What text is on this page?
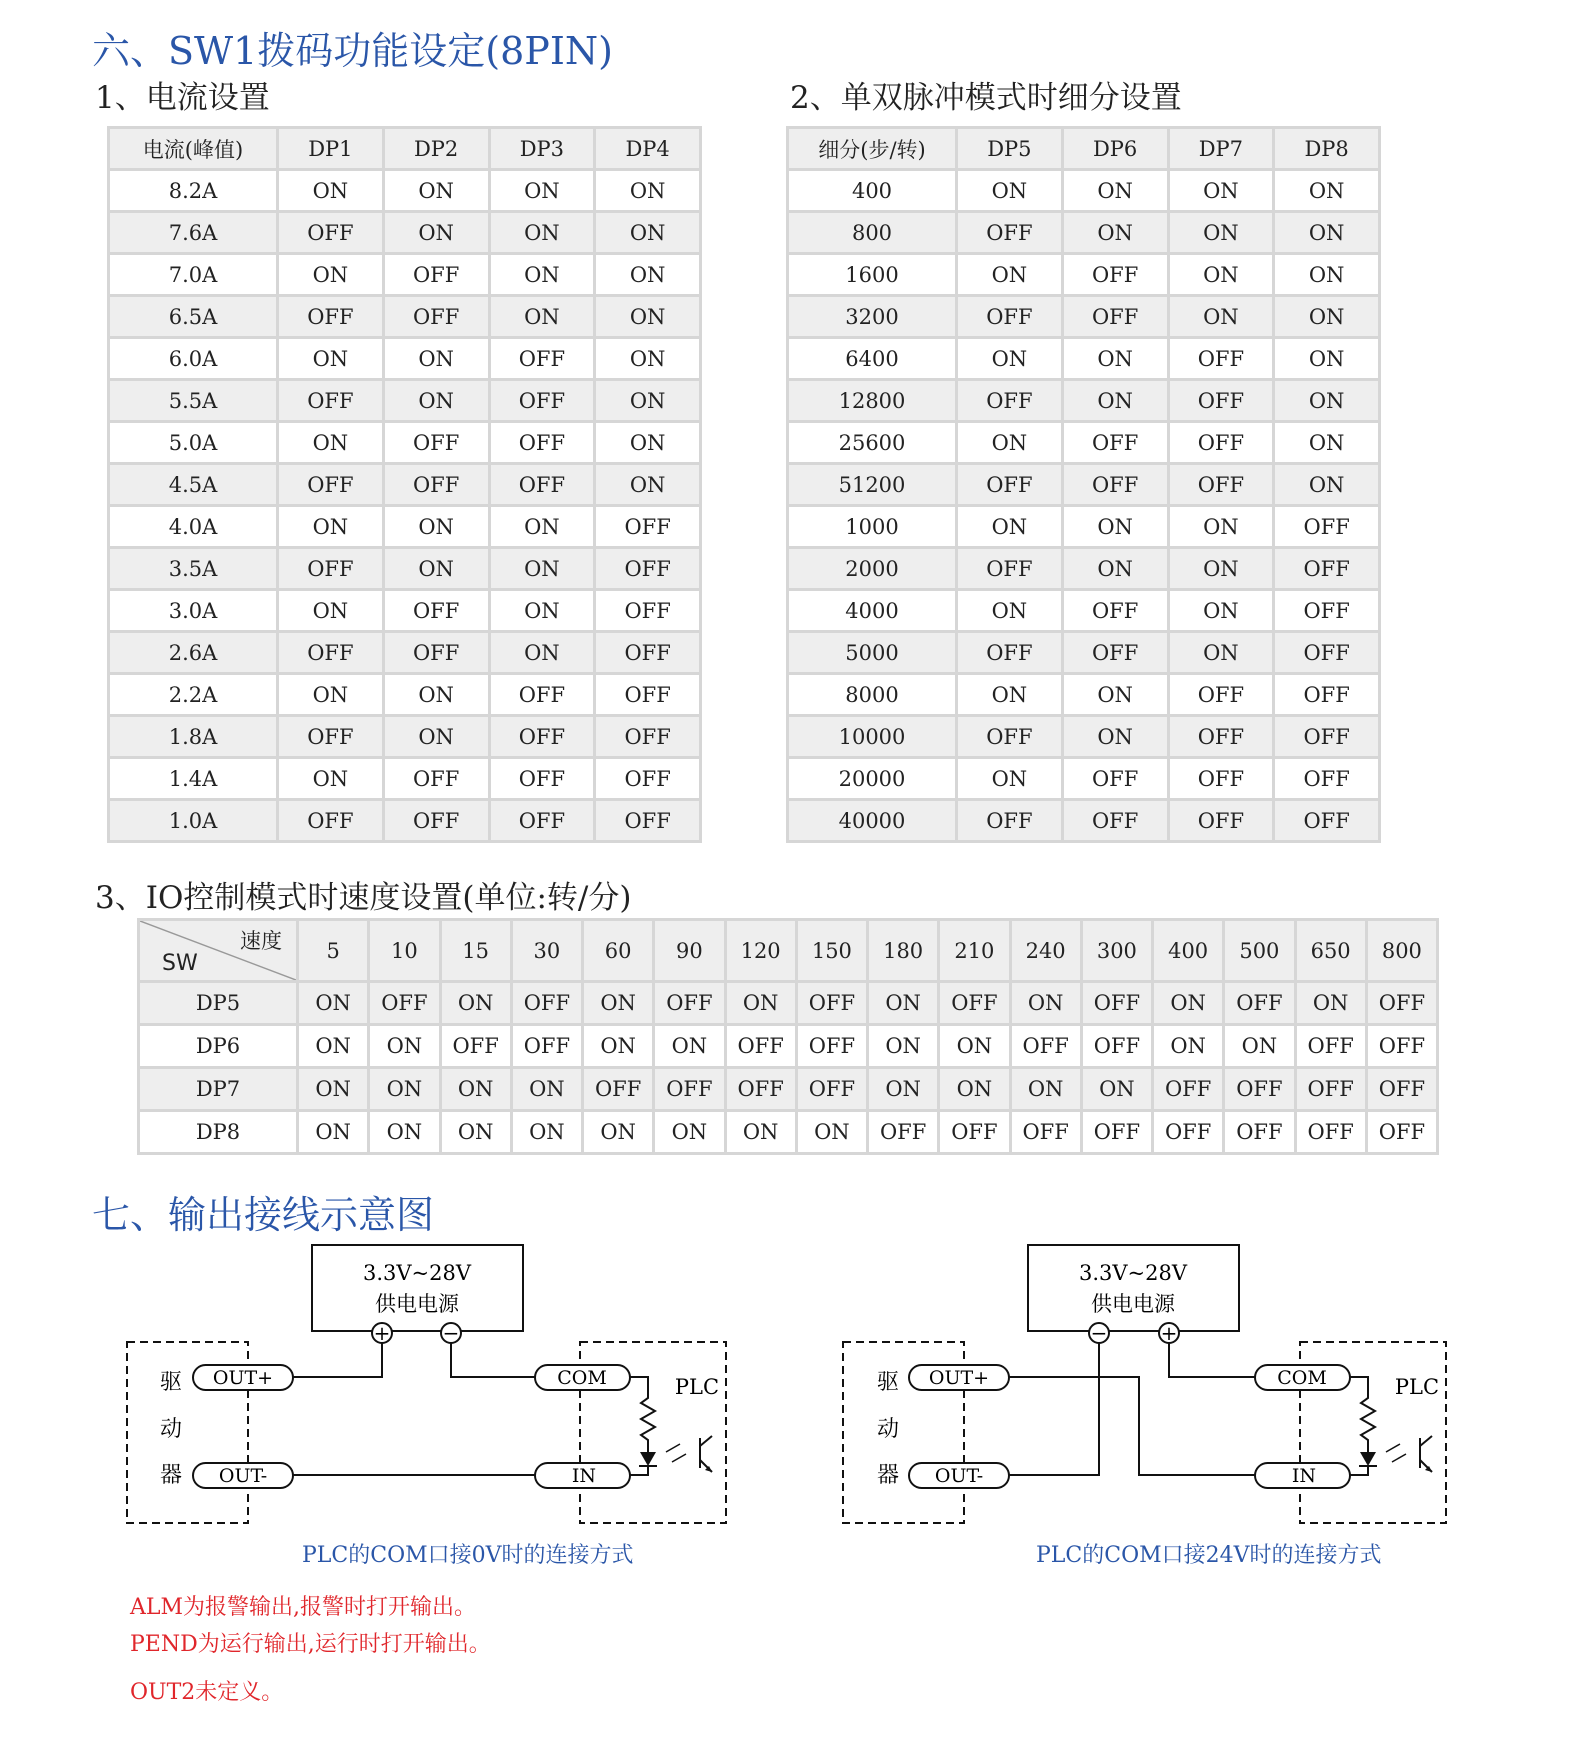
六、SW1拨码功能设定(8PIN)
1、电流设置	2、单双脉冲模式时细分设置
电流(峰值)	DP1	DP2	DP3	DP4
8.2A	ON	ON	ON	ON
7.6A	OFF	ON	ON	ON
7.0A	ON	OFF	ON	ON
6.5A	OFF	OFF	ON	ON
6.0A	ON	ON	OFF	ON
5.5A	OFF	ON	OFF	ON
5.0A	ON	OFF	OFF	ON
4.5A	OFF	OFF	OFF	ON
4.0A	ON	ON	ON	OFF
3.5A	OFF	ON	ON	OFF
3.0A	ON	OFF	ON	OFF
2.6A	OFF	OFF	ON	OFF
2.2A	ON	ON	OFF	OFF
1.8A	OFF	ON	OFF	OFF
1.4A	ON	OFF	OFF	OFF
1.0A	OFF	OFF	OFF	OFF
细分(步/转)	DP5	DP6	DP7	DP8
400	ON	ON	ON	ON
800	OFF	ON	ON	ON
1600	ON	OFF	ON	ON
3200	OFF	OFF	ON	ON
6400	ON	ON	OFF	ON
12800	OFF	ON	OFF	ON
25600	ON	OFF	OFF	ON
51200	OFF	OFF	OFF	ON
1000	ON	ON	ON	OFF
2000	OFF	ON	ON	OFF
4000	ON	OFF	ON	OFF
5000	OFF	OFF	ON	OFF
8000	ON	ON	OFF	OFF
10000	OFF	ON	OFF	OFF
20000	ON	OFF	OFF	OFF
40000	OFF	OFF	OFF	OFF
3、IO控制模式时速度设置(单位:转/分)
速度
SW	5	10	15	30	60	90	120	150	180	210	240	300	400	500	650	800
DP5	ON	OFF	ON	OFF	ON	OFF	ON	OFF	ON	OFF	ON	OFF	ON	OFF	ON	OFF
DP6	ON	ON	OFF	OFF	ON	ON	OFF	OFF	ON	ON	OFF	OFF	ON	ON	OFF	OFF
DP7	ON	ON	ON	ON	OFF	OFF	OFF	OFF	ON	ON	ON	ON	OFF	OFF	OFF	OFF
DP8	ON	ON	ON	ON	ON	ON	ON	ON	OFF	OFF	OFF	OFF	OFF	OFF	OFF	OFF
七、输出接线示意图
3.3V~28V
供电电源
+	−
驱
动
器
OUT+
OUT-
PLC
COM
IN
3.3V~28V
供电电源
−	+
驱
动
器
OUT+
OUT-
PLC
COM
IN
PLC的COM口接0V时的连接方式	PLC的COM口接24V时的连接方式
ALM为报警输出,报警时打开输出。
PEND为运行输出,运行时打开输出。
OUT2未定义。
